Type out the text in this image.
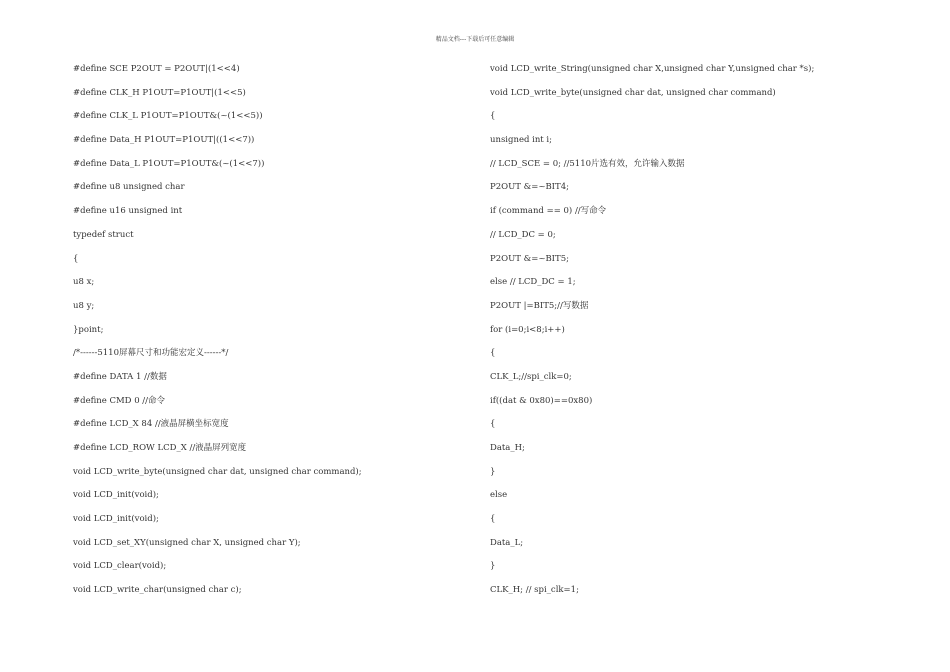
精品文档---下载后可任意编辑
#define SCE P2OUT = P2OUT|(1<<4)
#define CLK_H P1OUT=P1OUT|(1<<5)
#define CLK_L P1OUT=P1OUT&(~(1<<5))
#define Data_H P1OUT=P1OUT|((1<<7))
#define Data_L P1OUT=P1OUT&(~(1<<7))
#define u8 unsigned char
#define u16 unsigned int
typedef struct
{
u8 x;
u8 y;
}point;
/*------5110屏幕尺寸和功能宏定义------*/
#define DATA 1 //数据
#define CMD 0 //命令
#define LCD_X 84 //液晶屏横坐标宽度
#define LCD_ROW LCD_X //液晶屏列宽度
void LCD_write_byte(unsigned char dat, unsigned char command);
void LCD_init(void);
void LCD_init(void);
void LCD_set_XY(unsigned char X, unsigned char Y);
void LCD_clear(void);
void LCD_write_char(unsigned char c);
void LCD_write_String(unsigned char X,unsigned char Y,unsigned char *s);
void LCD_write_byte(unsigned char dat, unsigned char command)
{
unsigned int i;
// LCD_SCE = 0; //5110片选有效，允许输入数据
P2OUT &=~BIT4;
if (command == 0) //写命令
// LCD_DC = 0;
P2OUT &=~BIT5;
else // LCD_DC = 1;
P2OUT |=BIT5;//写数据
for (i=0;i<8;i++)
{
CLK_L;//spi_clk=0;
if((dat & 0x80)==0x80)
{
Data_H;
}
else
{
Data_L;
}
CLK_H; // spi_clk=1;
